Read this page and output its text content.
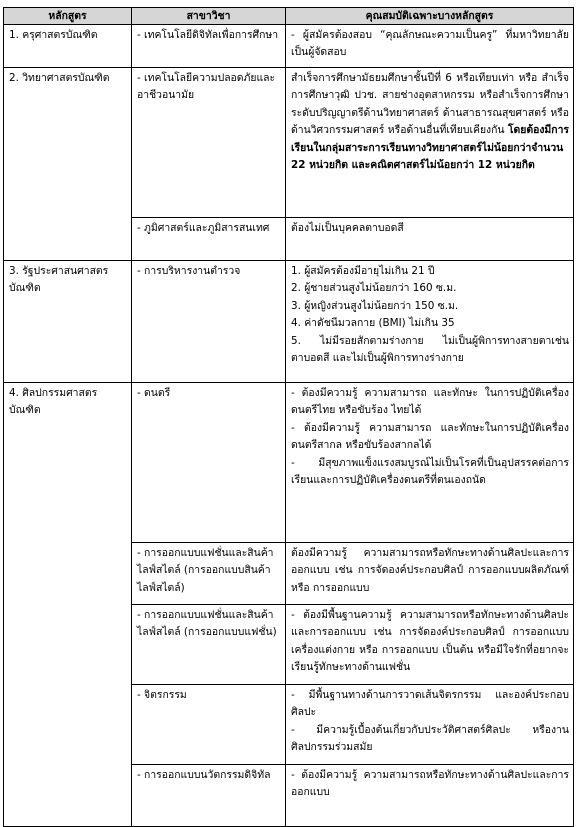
หลักสูตร	สาขาวิชา	คุณสมบัติเฉพาะบางหลักสูตร
1. ครุศาสตรบัณฑิต	- เทคโนโลยีดิจิทัลเพื่อการศึกษา	- ผู้สมัครต้องสอบ “คุณลักษณะความเป็นครู” ที่มหาวิทยาลัยเป็นผู้จัดสอบ

2. วิทยาศาสตรบัณฑิต	- เทคโนโลยีความปลอดภัยและอาชีวอนามัย	สำเร็จการศึกษามัธยมศึกษาชั้นปีที่ 6 หรือเทียบเท่า หรือ สำเร็จการศึกษาวุฒิ ปวช. สายช่างอุตสาหกรรม หรือสำเร็จการศึกษาระดับปริญญาตรีด้านวิทยาศาสตร์ ด้านสาธารณสุขศาสตร์ หรือด้านวิศวกรรมศาสตร์ หรือด้านอื่นที่เทียบเคียงกัน โดยต้องมีการเรียนในกลุ่มสาระการเรียนทางวิทยาศาสตร์ไม่น้อยกว่าจำนวน 22 หน่วยกิต และคณิตศาสตร์ไม่น้อยกว่า 12 หน่วยกิต
	- ภูมิศาสตร์และภูมิสารสนเทศ	ต้องไม่เป็นบุคคลตาบอดสี

3. รัฐประศาสนศาสตรบัณฑิต	- การบริหารงานตำรวจ	1. ผู้สมัครต้องมีอายุไม่เกิน 21 ปี
2. ผู้ชายส่วนสูงไม่น้อยกว่า 160 ซ.ม.
3. ผู้หญิงส่วนสูงไม่น้อยกว่า 150 ซ.ม.
4. ค่าดัชนีมวลกาย (BMI) ไม่เกิน 35
5. ไม่มีรอยสักตามร่างกาย ไม่เป็นผู้พิการทางสายตาเช่น ตาบอดสี และไม่เป็นผู้พิการทางร่างกาย

4. ศิลปกรรมศาสตรบัณฑิต	- ดนตรี	- ต้องมีความรู้ ความสามารถ และทักษะ ในการปฏิบัติเครื่องดนตรีไทย หรือขับร้อง ไทยได้
- ต้องมีความรู้ ความสามารถ และทักษะในการปฏิบัติเครื่องดนตรีสากล หรือขับร้องสากลได้
- มีสุขภาพแข็งแรงสมบูรณ์ไม่เป็นโรคที่เป็นอุปสรรคต่อการเรียนและการปฏิบัติเครื่องดนตรีที่ตนเองถนัด

	- การออกแบบแฟชั่นและสินค้าไลฟ์สไตล์ (การออกแบบสินค้าไลฟ์สไตล์)	ต้องมีความรู้ ความสามารถหรือทักษะทางด้านศิลปะและการออกแบบ เช่น การจัดองค์ประกอบศิลป์ การออกแบบผลิตภัณฑ์ หรือ การออกแบบ

	- การออกแบบแฟชั่นและสินค้าไลฟ์สไตล์ (การออกแบบแฟชั่น)	- ต้องมีพื้นฐานความรู้ ความสามารถหรือทักษะทางด้านศิลปะและการออกแบบ เช่น การจัดองค์ประกอบศิลป์ การออกแบบเครื่องแต่งกาย หรือ การออกแบบ เป็นต้น หรือมีใจรักที่อยากจะเรียนรู้ทักษะทางด้านแฟชั่น

	- จิตรกรรม	- มีพื้นฐานทางด้านการวาดเส้นจิตรกรรม และองค์ประกอบศิลปะ
- มีความรู้เบื้องต้นเกี่ยวกับประวัติศาสตร์ศิลปะ หรืองานศิลปกรรมร่วมสมัย

	- การออกแบบนวัตกรรมดิจิทัล	- ต้องมีความรู้ ความสามารถหรือทักษะทางด้านศิลปะและการออกแบบ
